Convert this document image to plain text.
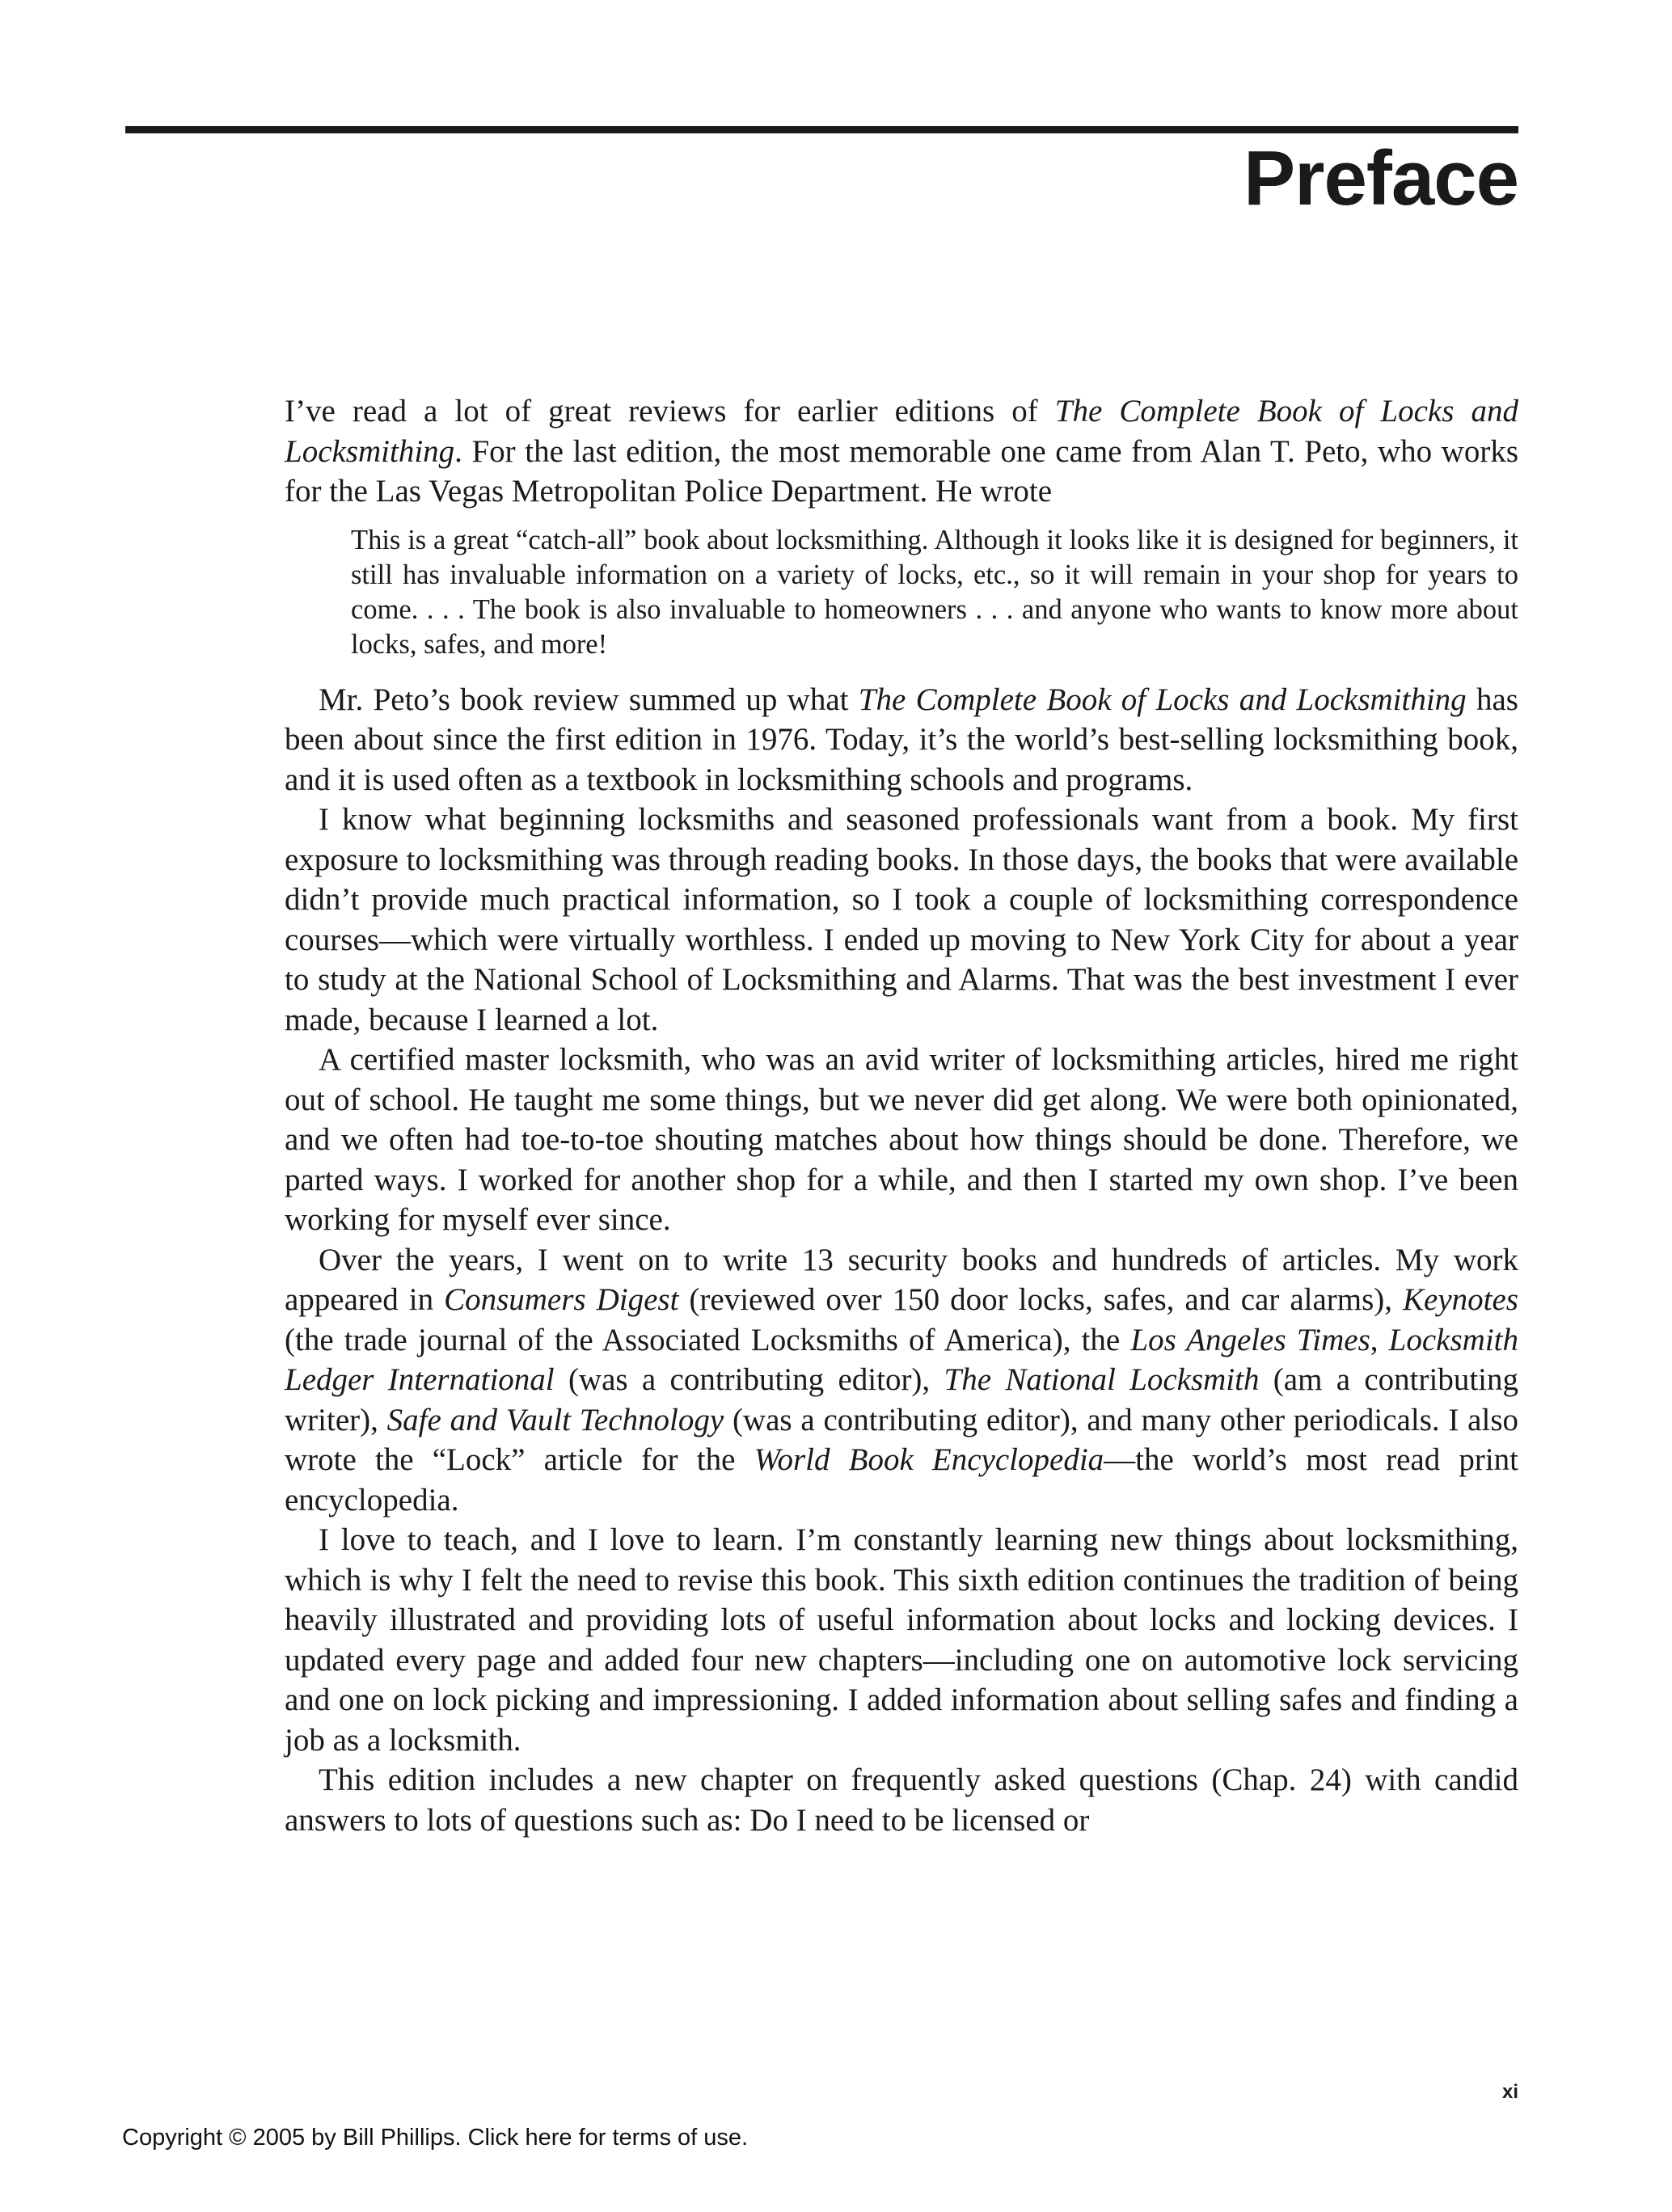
Preface

I’ve read a lot of great reviews for earlier editions of The Complete Book of Locks and Locksmithing. For the last edition, the most memorable one came from Alan T. Peto, who works for the Las Vegas Metropolitan Police Department. He wrote

This is a great “catch-all” book about locksmithing. Although it looks like it is designed for beginners, it still has invaluable information on a variety of locks, etc., so it will remain in your shop for years to come. . . . The book is also invaluable to homeowners . . . and anyone who wants to know more about locks, safes, and more!

Mr. Peto’s book review summed up what The Complete Book of Locks and Locksmithing has been about since the first edition in 1976. Today, it’s the world’s best-selling locksmithing book, and it is used often as a textbook in locksmithing schools and programs.

I know what beginning locksmiths and seasoned professionals want from a book. My first exposure to locksmithing was through reading books. In those days, the books that were available didn’t provide much practical information, so I took a couple of locksmithing correspondence courses—which were virtually worthless. I ended up moving to New York City for about a year to study at the National School of Locksmithing and Alarms. That was the best investment I ever made, because I learned a lot.

A certified master locksmith, who was an avid writer of locksmithing articles, hired me right out of school. He taught me some things, but we never did get along. We were both opinionated, and we often had toe-to-toe shouting matches about how things should be done. Therefore, we parted ways. I worked for another shop for a while, and then I started my own shop. I’ve been working for myself ever since.

Over the years, I went on to write 13 security books and hundreds of articles. My work appeared in Consumers Digest (reviewed over 150 door locks, safes, and car alarms), Keynotes (the trade journal of the Associated Locksmiths of America), the Los Angeles Times, Locksmith Ledger International (was a contributing editor), The National Locksmith (am a contributing writer), Safe and Vault Technology (was a contributing editor), and many other periodicals. I also wrote the “Lock” article for the World Book Encyclopedia—the world’s most read print encyclopedia.

I love to teach, and I love to learn. I’m constantly learning new things about locksmithing, which is why I felt the need to revise this book. This sixth edition continues the tradition of being heavily illustrated and providing lots of useful information about locks and locking devices. I updated every page and added four new chapters—including one on automotive lock servicing and one on lock picking and impressioning. I added information about selling safes and finding a job as a locksmith.

This edition includes a new chapter on frequently asked questions (Chap. 24) with candid answers to lots of questions such as: Do I need to be licensed or

xi
Copyright © 2005 by Bill Phillips. Click here for terms of use.
